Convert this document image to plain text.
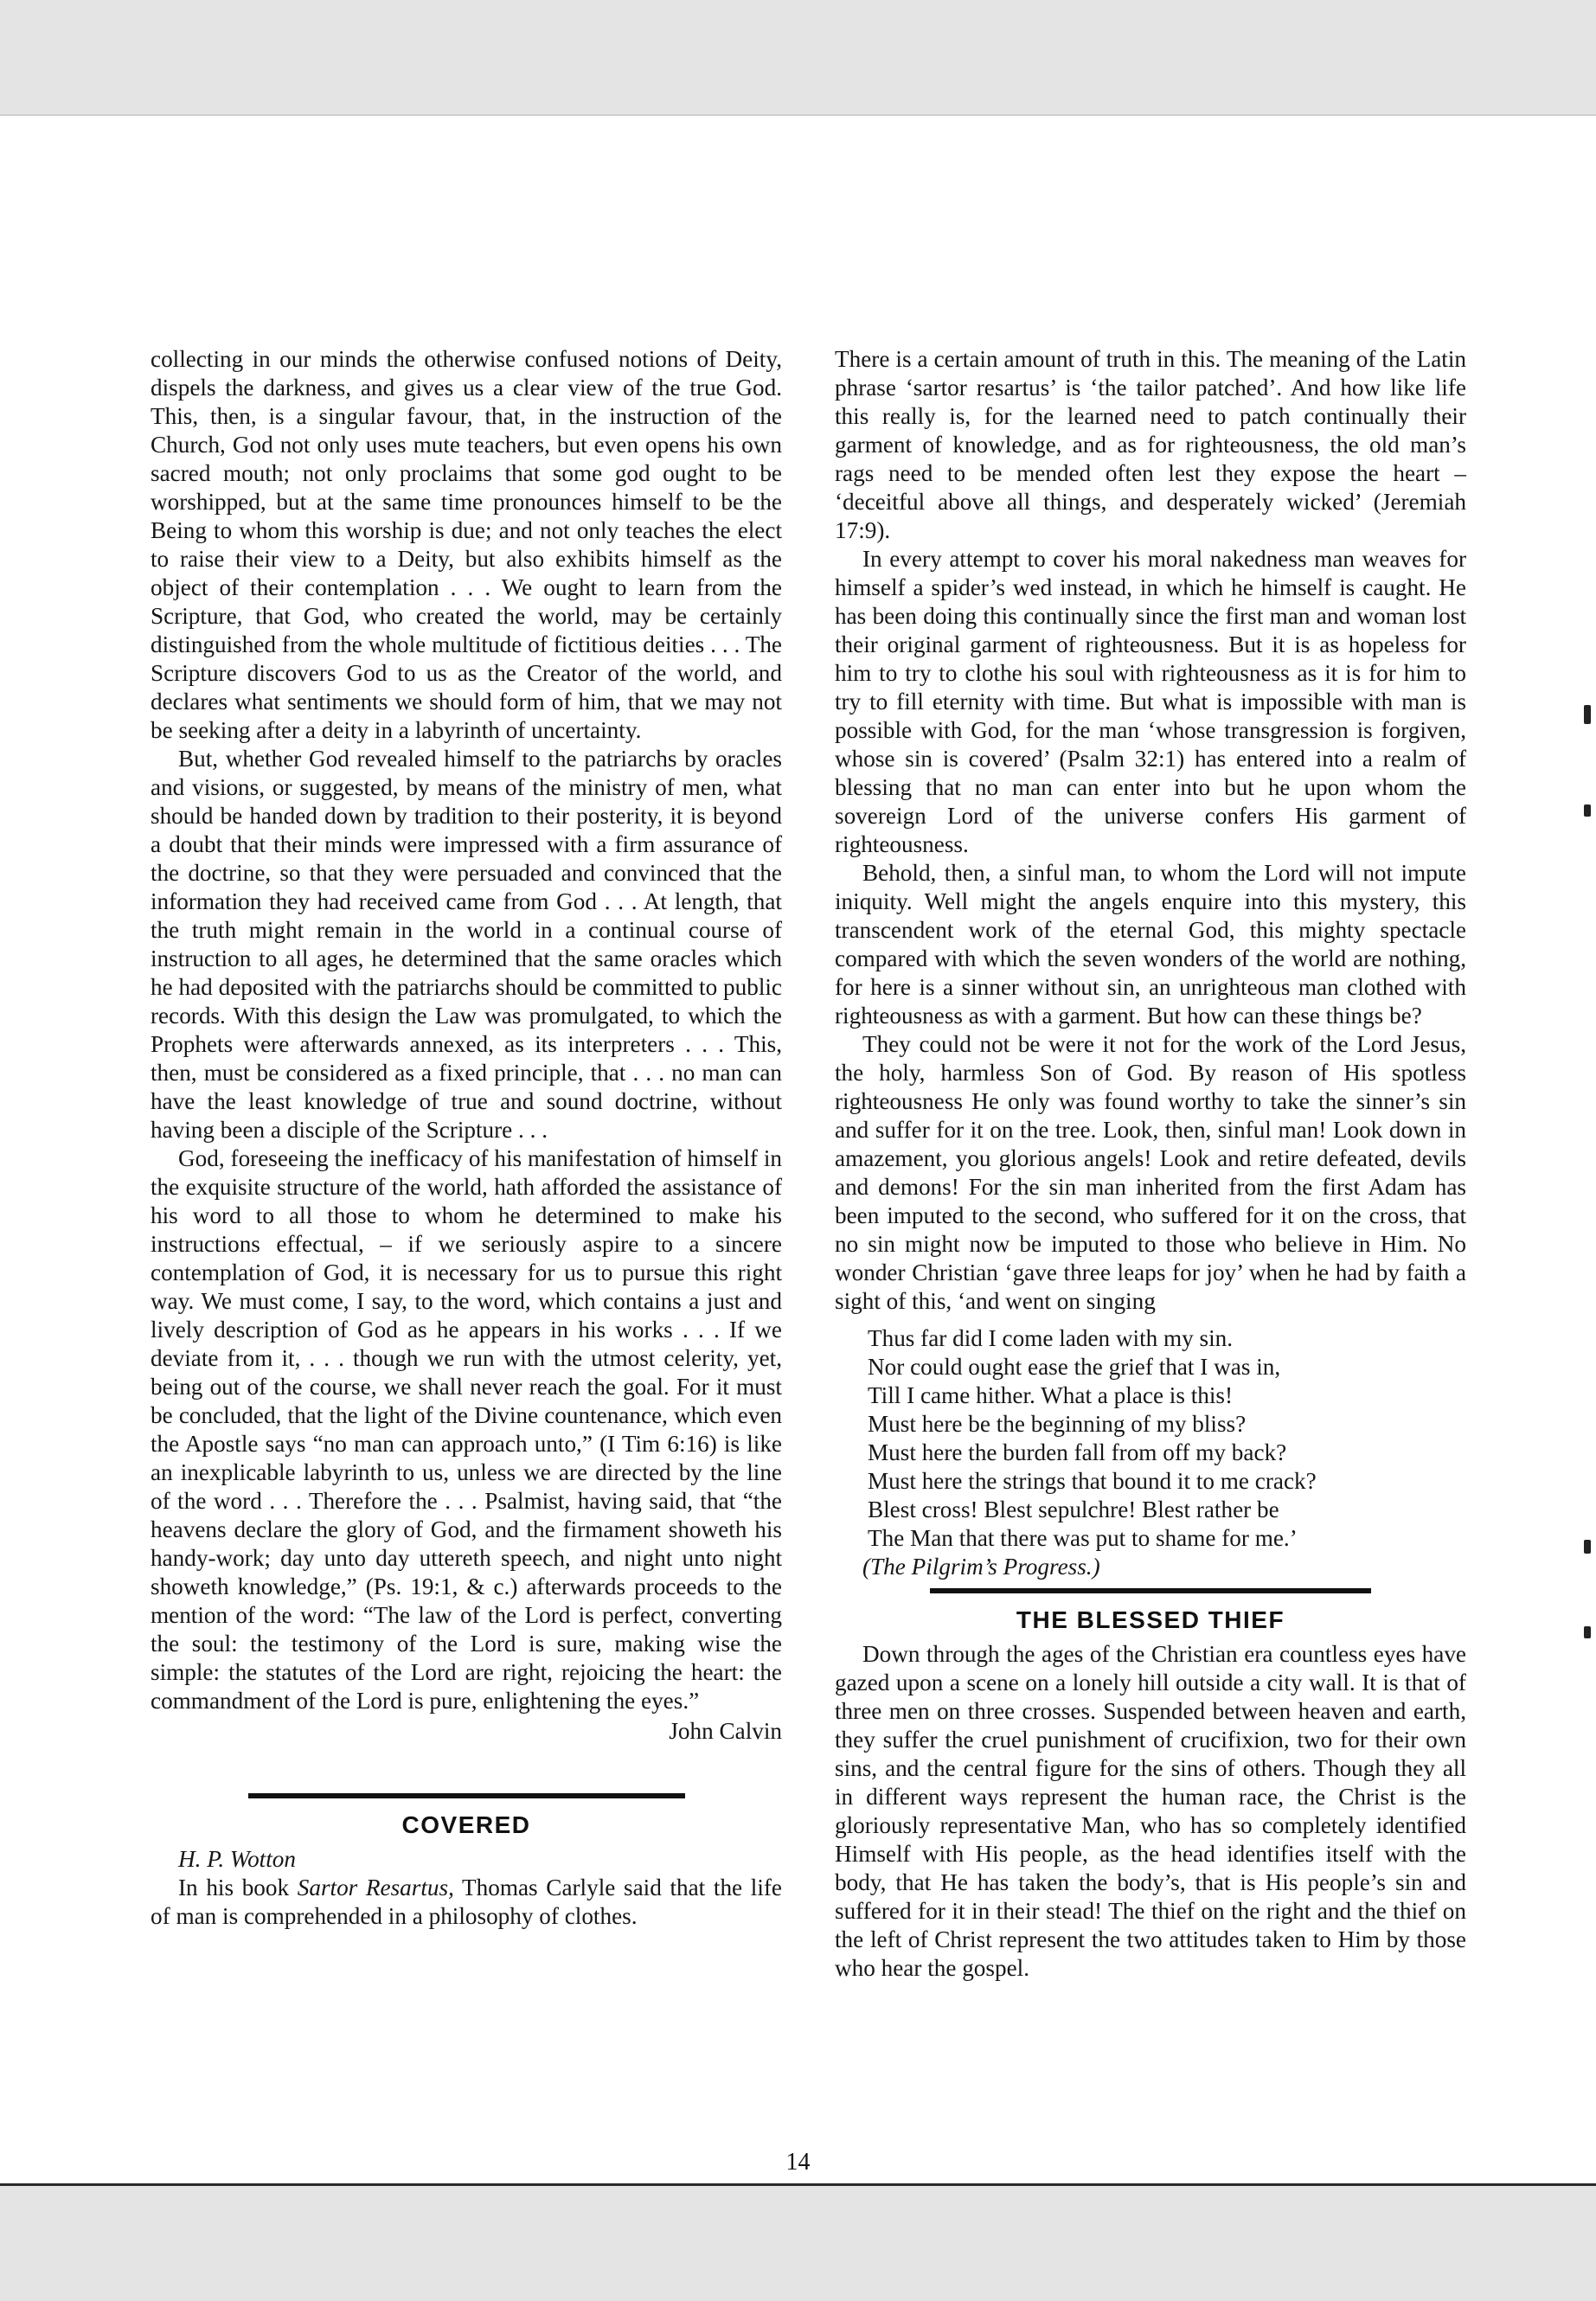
collecting in our minds the otherwise confused notions of Deity, dispels the darkness, and gives us a clear view of the true God. This, then, is a singular favour, that, in the instruction of the Church, God not only uses mute teachers, but even opens his own sacred mouth; not only proclaims that some god ought to be worshipped, but at the same time pronounces himself to be the Being to whom this worship is due; and not only teaches the elect to raise their view to a Deity, but also exhibits himself as the object of their contemplation . . . We ought to learn from the Scripture, that God, who created the world, may be certainly distinguished from the whole multitude of fictitious deities . . . The Scripture discovers God to us as the Creator of the world, and declares what sentiments we should form of him, that we may not be seeking after a deity in a labyrinth of uncertainty.

But, whether God revealed himself to the patriarchs by oracles and visions, or suggested, by means of the ministry of men, what should be handed down by tradition to their posterity, it is beyond a doubt that their minds were impressed with a firm assurance of the doctrine, so that they were persuaded and convinced that the information they had received came from God . . . At length, that the truth might remain in the world in a continual course of instruction to all ages, he determined that the same oracles which he had deposited with the patriarchs should be committed to public records. With this design the Law was promulgated, to which the Prophets were afterwards annexed, as its interpreters . . . This, then, must be considered as a fixed principle, that . . . no man can have the least knowledge of true and sound doctrine, without having been a disciple of the Scripture . . .

God, foreseeing the inefficacy of his manifestation of himself in the exquisite structure of the world, hath afforded the assistance of his word to all those to whom he determined to make his instructions effectual, – if we seriously aspire to a sincere contemplation of God, it is necessary for us to pursue this right way. We must come, I say, to the word, which contains a just and lively description of God as he appears in his works . . . If we deviate from it, . . . though we run with the utmost celerity, yet, being out of the course, we shall never reach the goal. For it must be concluded, that the light of the Divine countenance, which even the Apostle says “no man can approach unto,” (I Tim 6:16) is like an inexplicable labyrinth to us, unless we are directed by the line of the word . . . Therefore the . . . Psalmist, having said, that “the heavens declare the glory of God, and the firmament showeth his handy-work; day unto day uttereth speech, and night unto night showeth knowledge,” (Ps. 19:1, & c.) afterwards proceeds to the mention of the word: “The law of the Lord is perfect, converting the soul: the testimony of the Lord is sure, making wise the simple: the statutes of the Lord are right, rejoicing the heart: the commandment of the Lord is pure, enlightening the eyes.”

John Calvin
COVERED

H. P. Wotton

In his book Sartor Resartus, Thomas Carlyle said that the life of man is comprehended in a philosophy of clothes.

There is a certain amount of truth in this. The meaning of the Latin phrase ‘sartor resartus’ is ‘the tailor patched’. And how like life this really is, for the learned need to patch continually their garment of knowledge, and as for righteousness, the old man’s rags need to be mended often lest they expose the heart – ‘deceitful above all things, and desperately wicked’ (Jeremiah 17:9).

In every attempt to cover his moral nakedness man weaves for himself a spider’s wed instead, in which he himself is caught. He has been doing this continually since the first man and woman lost their original garment of righteousness. But it is as hopeless for him to try to clothe his soul with righteousness as it is for him to try to fill eternity with time. But what is impossible with man is possible with God, for the man ‘whose transgression is forgiven, whose sin is covered’ (Psalm 32:1) has entered into a realm of blessing that no man can enter into but he upon whom the sovereign Lord of the universe confers His garment of righteousness.

Behold, then, a sinful man, to whom the Lord will not impute iniquity. Well might the angels enquire into this mystery, this transcendent work of the eternal God, this mighty spectacle compared with which the seven wonders of the world are nothing, for here is a sinner without sin, an unrighteous man clothed with righteousness as with a garment. But how can these things be?

They could not be were it not for the work of the Lord Jesus, the holy, harmless Son of God. By reason of His spotless righteousness He only was found worthy to take the sinner’s sin and suffer for it on the tree. Look, then, sinful man! Look down in amazement, you glorious angels! Look and retire defeated, devils and demons! For the sin man inherited from the first Adam has been imputed to the second, who suffered for it on the cross, that no sin might now be imputed to those who believe in Him. No wonder Christian ‘gave three leaps for joy’ when he had by faith a sight of this, ‘and went on singing

Thus far did I come laden with my sin.
Nor could ought ease the grief that I was in,
Till I came hither. What a place is this!
Must here be the beginning of my bliss?
Must here the burden fall from off my back?
Must here the strings that bound it to me crack?
Blest cross! Blest sepulchre! Blest rather be
The Man that there was put to shame for me.’

(The Pilgrim’s Progress.)

THE BLESSED THIEF

Down through the ages of the Christian era countless eyes have gazed upon a scene on a lonely hill outside a city wall. It is that of three men on three crosses. Suspended between heaven and earth, they suffer the cruel punishment of crucifixion, two for their own sins, and the central figure for the sins of others. Though they all in different ways represent the human race, the Christ is the gloriously representative Man, who has so completely identified Himself with His people, as the head identifies itself with the body, that He has taken the body’s, that is His people’s sin and suffered for it in their stead! The thief on the right and the thief on the left of Christ represent the two attitudes taken to Him by those who hear the gospel.

14
